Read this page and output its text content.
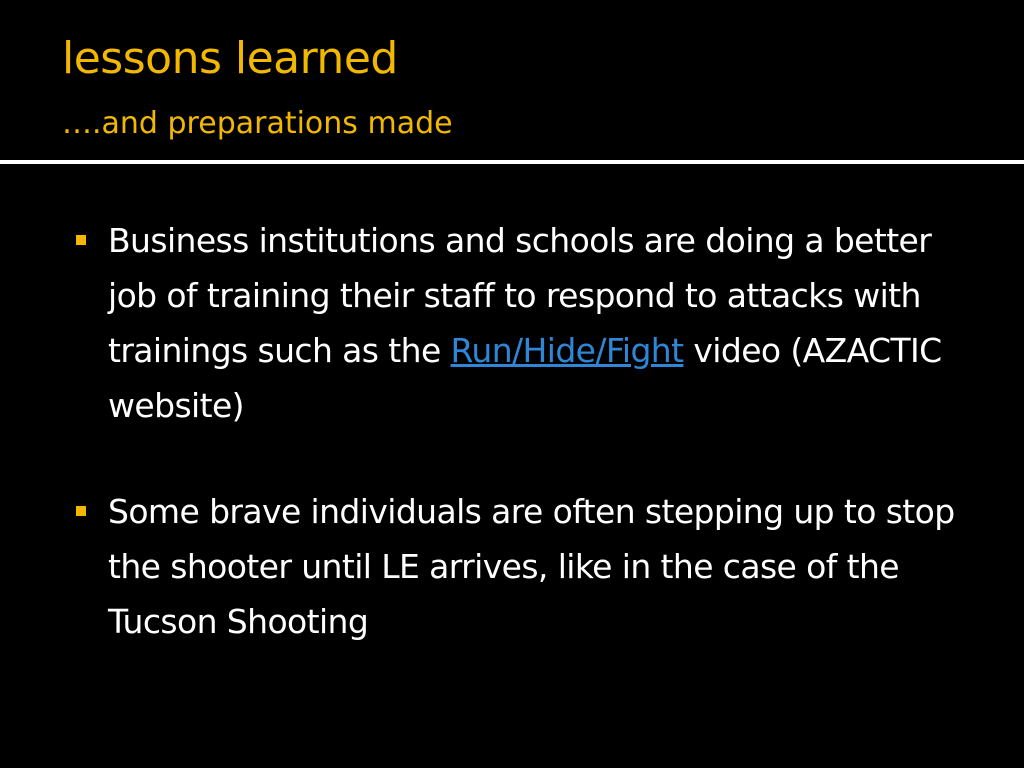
lessons learned
….and preparations made
Business institutions and schools are doing a better job of training their staff to respond to attacks with trainings such as the Run/Hide/Fight video (AZACTIC website)
Some brave individuals are often stepping up to stop the shooter until LE arrives, like in the case of the Tucson Shooting
